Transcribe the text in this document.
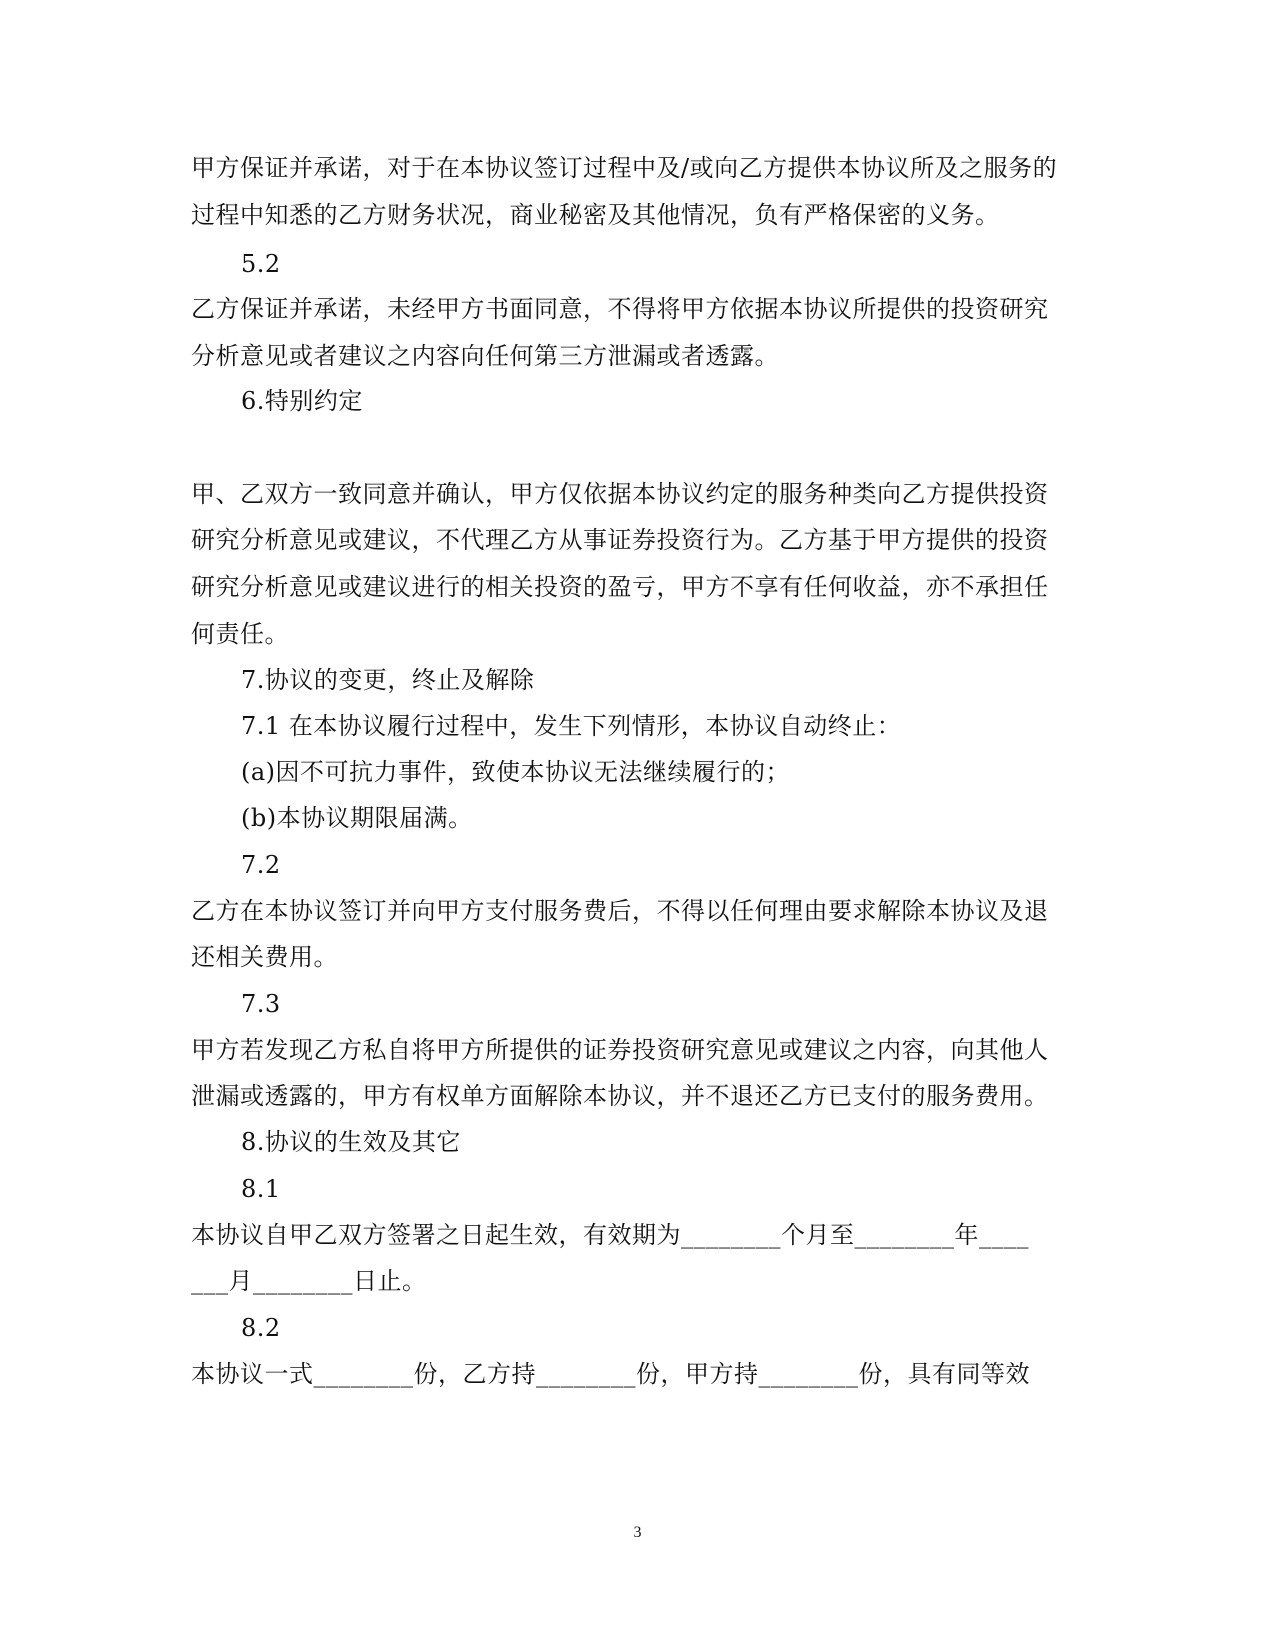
甲方保证并承诺，对于在本协议签订过程中及/或向乙方提供本协议所及之服务的
过程中知悉的乙方财务状况，商业秘密及其他情况，负有严格保密的义务。
5.2
乙方保证并承诺，未经甲方书面同意，不得将甲方依据本协议所提供的投资研究
分析意见或者建议之内容向任何第三方泄漏或者透露。
6.特别约定
甲、乙双方一致同意并确认，甲方仅依据本协议约定的服务种类向乙方提供投资
研究分析意见或建议，不代理乙方从事证券投资行为。乙方基于甲方提供的投资
研究分析意见或建议进行的相关投资的盈亏，甲方不享有任何收益，亦不承担任
何责任。
7.协议的变更，终止及解除
7.1 在本协议履行过程中，发生下列情形，本协议自动终止：
(a)因不可抗力事件，致使本协议无法继续履行的；
(b)本协议期限届满。
7.2
乙方在本协议签订并向甲方支付服务费后，不得以任何理由要求解除本协议及退
还相关费用。
7.3
甲方若发现乙方私自将甲方所提供的证券投资研究意见或建议之内容，向其他人
泄漏或透露的，甲方有权单方面解除本协议，并不退还乙方已支付的服务费用。
8.协议的生效及其它
8.1
本协议自甲乙双方签署之日起生效，有效期为________个月至________年____
___月________日止。
8.2
本协议一式________份，乙方持________份，甲方持________份，具有同等效
3
